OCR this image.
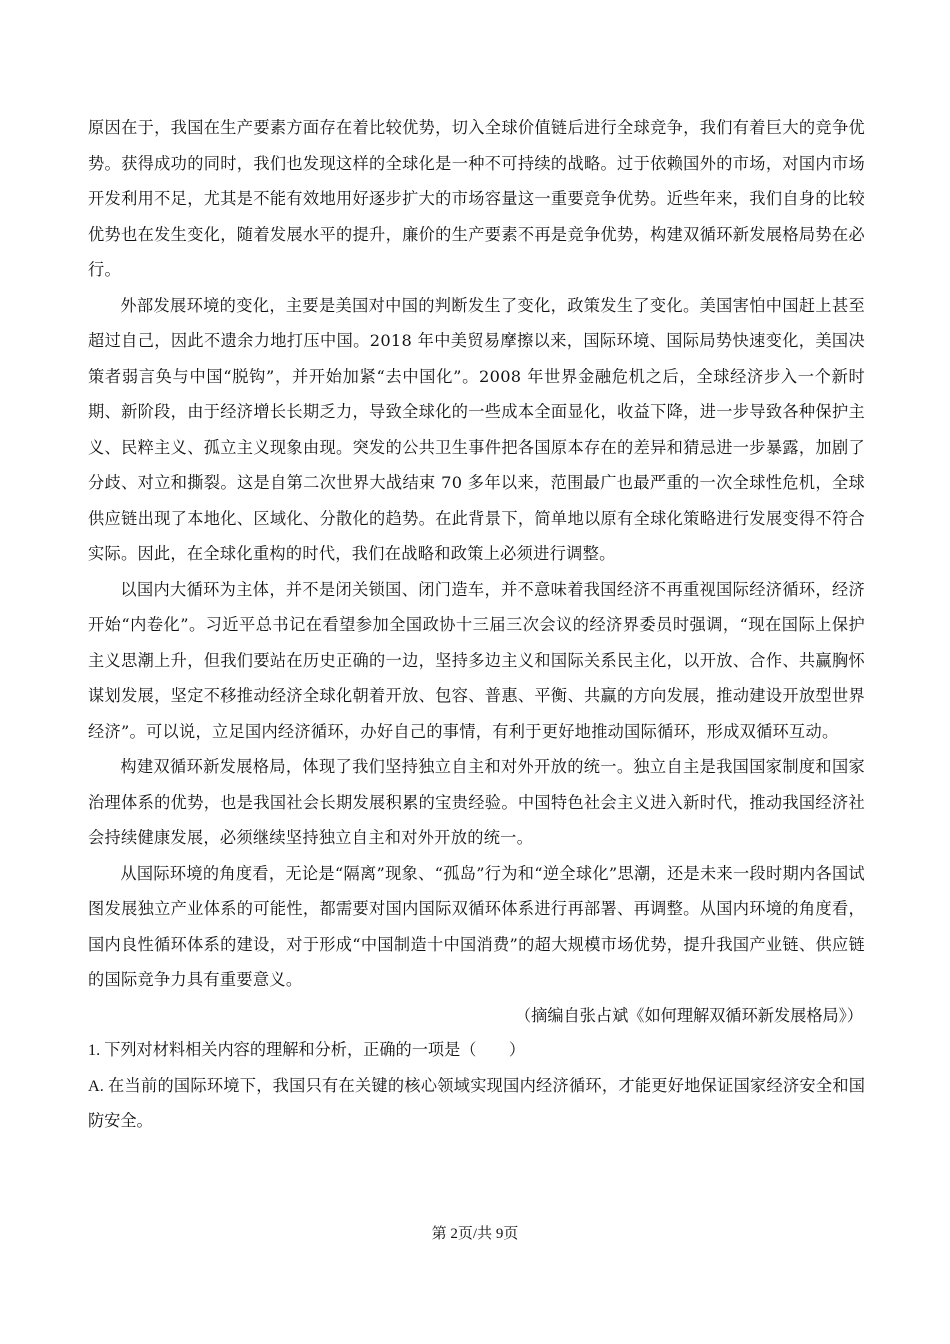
原因在于，我国在生产要素方面存在着比较优势，切入全球价值链后进行全球竞争，我们有着巨大的竞争优势。获得成功的同时，我们也发现这样的全球化是一种不可持续的战略。过于依赖国外的市场，对国内市场开发利用不足，尤其是不能有效地用好逐步扩大的市场容量这一重要竞争优势。近些年来，我们自身的比较优势也在发生变化，随着发展水平的提升，廉价的生产要素不再是竞争优势，构建双循环新发展格局势在必行。

外部发展环境的变化，主要是美国对中国的判断发生了变化，政策发生了变化。美国害怕中国赶上甚至超过自己，因此不遗余力地打压中国。2018 年中美贸易摩擦以来，国际环境、国际局势快速变化，美国决策者弱言奂与中国“脱钩”，并开始加紧“去中国化”。2008 年世界金融危机之后，全球经济步入一个新时期、新阶段，由于经济增长长期乏力，导致全球化的一些成本全面显化，收益下降，进一步导致各种保护主义、民粹主义、孤立主义现象由现。突发的公共卫生事件把各国原本存在的差异和猜忌进一步暴露，加剧了分歧、对立和撕裂。这是自第二次世界大战结束 70 多年以来，范围最广也最严重的一次全球性危机，全球供应链出现了本地化、区域化、分散化的趋势。在此背景下，简单地以原有全球化策略进行发展变得不符合实际。因此，在全球化重构的时代，我们在战略和政策上必须进行调整。

以国内大循环为主体，并不是闭关锁国、闭门造车，并不意味着我国经济不再重视国际经济循环，经济开始“内卷化”。习近平总书记在看望参加全国政协十三届三次会议的经济界委员时强调，“现在国际上保护主义思潮上升，但我们要站在历史正确的一边，坚持多边主义和国际关系民主化，以开放、合作、共赢胸怀谋划发展，坚定不移推动经济全球化朝着开放、包容、普惠、平衡、共赢的方向发展，推动建设开放型世界经济”。可以说，立足国内经济循环，办好自己的事情，有利于更好地推动国际循环，形成双循环互动。

构建双循环新发展格局，体现了我们坚持独立自主和对外开放的统一。独立自主是我国国家制度和国家治理体系的优势，也是我国社会长期发展积累的宝贵经验。中国特色社会主义进入新时代，推动我国经济社会持续健康发展，必须继续坚持独立自主和对外开放的统一。

从国际环境的角度看，无论是“隔离”现象、“孤岛”行为和“逆全球化”思潮，还是未来一段时期内各国试图发展独立产业体系的可能性，都需要对国内国际双循环体系进行再部署、再调整。从国内环境的角度看，国内良性循环体系的建设，对于形成“中国制造十中国消费”的超大规模市场优势，提升我国产业链、供应链的国际竞争力具有重要意义。

（摘编自张占斌《如何理解双循环新发展格局》）

1. 下列对材料相关内容的理解和分析，正确的一项是（　　）

A. 在当前的国际环境下，我国只有在关键的核心领域实现国内经济循环，才能更好地保证国家经济安全和国防安全。

第 2页/共 9页
